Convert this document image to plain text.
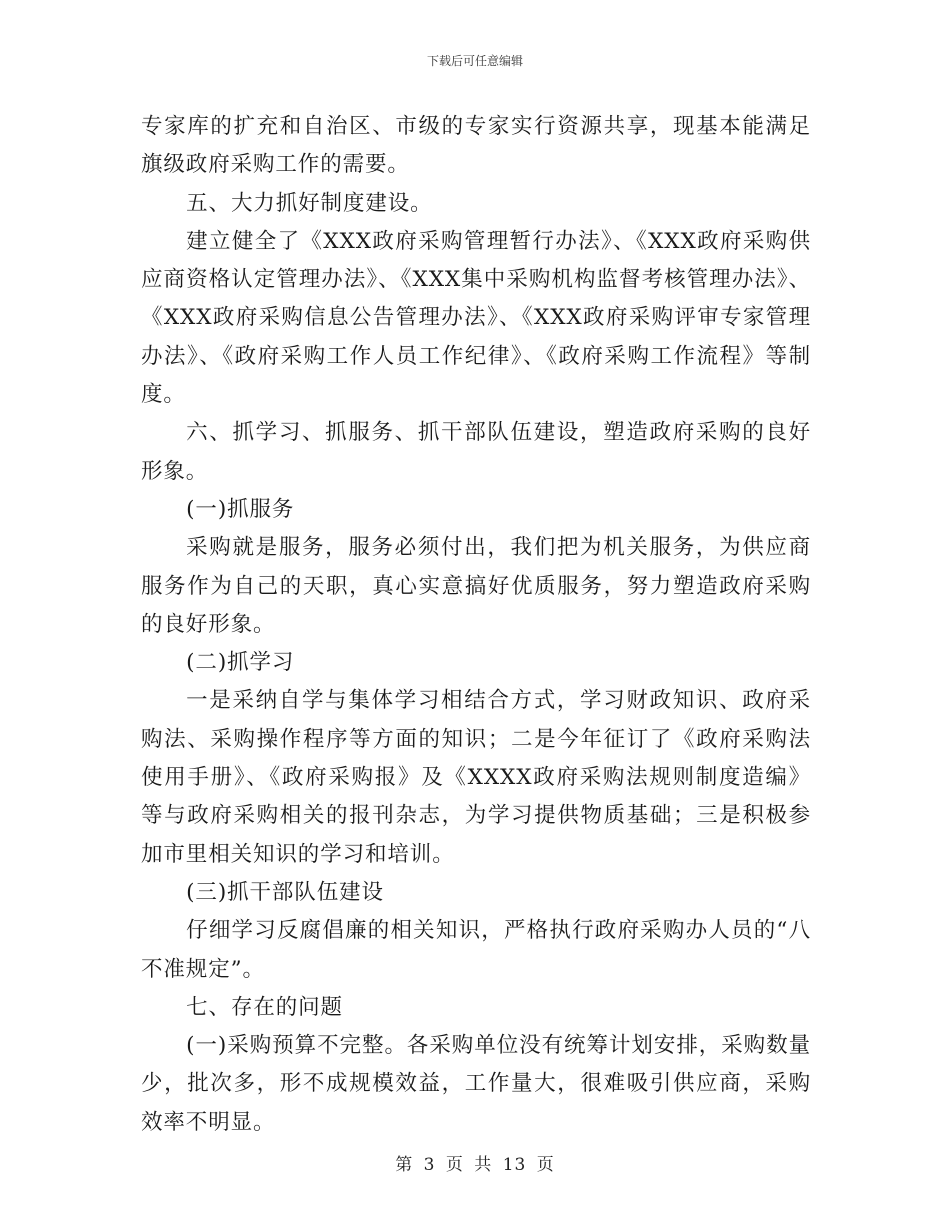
下载后可任意编辑

专家库的扩充和自治区、市级的专家实行资源共享，现基本能满足旗级政府采购工作的需要。

五、大力抓好制度建设。

建立健全了《XXX政府采购管理暂行办法》、《XXX政府采购供应商资格认定管理办法》、《XXX集中采购机构监督考核管理办法》、《XXX政府采购信息公告管理办法》、《XXX政府采购评审专家管理办法》、《政府采购工作人员工作纪律》、《政府采购工作流程》等制度。

六、抓学习、抓服务、抓干部队伍建设，塑造政府采购的良好形象。

(一)抓服务

采购就是服务，服务必须付出，我们把为机关服务，为供应商服务作为自己的天职，真心实意搞好优质服务，努力塑造政府采购的良好形象。

(二)抓学习

一是采纳自学与集体学习相结合方式，学习财政知识、政府采购法、采购操作程序等方面的知识；二是今年征订了《政府采购法使用手册》、《政府采购报》及《XXXX政府采购法规则制度造编》等与政府采购相关的报刊杂志，为学习提供物质基础；三是积极参加市里相关知识的学习和培训。

(三)抓干部队伍建设

仔细学习反腐倡廉的相关知识，严格执行政府采购办人员的“八不准规定”。

七、存在的问题

(一)采购预算不完整。各采购单位没有统筹计划安排，采购数量少，批次多，形不成规模效益，工作量大，很难吸引供应商，采购效率不明显。

第 3 页 共 13 页
